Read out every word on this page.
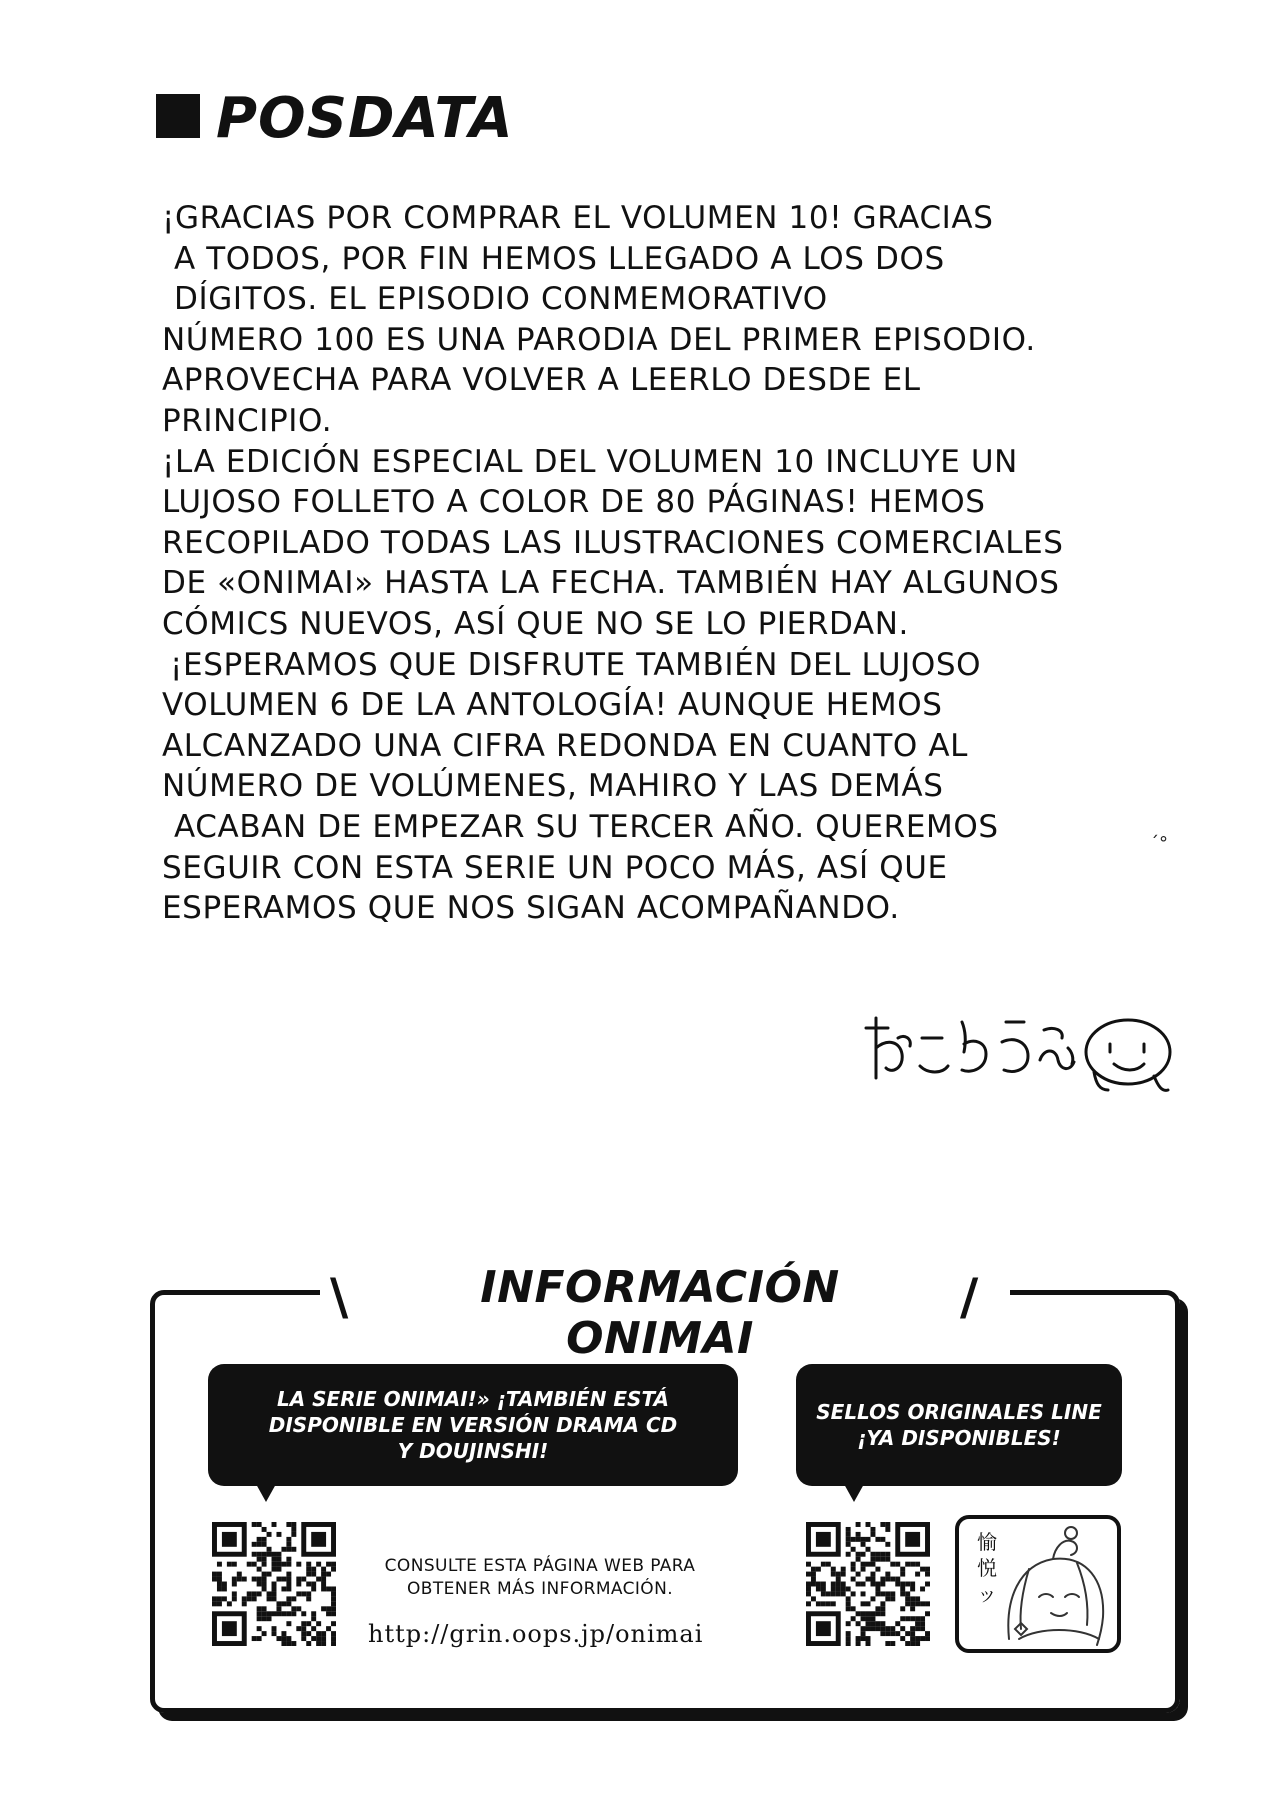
POSDATA
¡GRACIAS POR COMPRAR EL VOLUMEN 10! GRACIAS
A TODOS, POR FIN HEMOS LLEGADO A LOS DOS
DÍGITOS. EL EPISODIO CONMEMORATIVO
NÚMERO 100 ES UNA PARODIA DEL PRIMER EPISODIO.
APROVECHA PARA VOLVER A LEERLO DESDE EL
PRINCIPIO.
¡LA EDICIÓN ESPECIAL DEL VOLUMEN 10 INCLUYE UN
LUJOSO FOLLETO A COLOR DE 80 PÁGINAS! HEMOS
RECOPILADO TODAS LAS ILUSTRACIONES COMERCIALES
DE «ONIMAI» HASTA LA FECHA. TAMBIÉN HAY ALGUNOS
CÓMICS NUEVOS, ASÍ QUE NO SE LO PIERDAN.
¡ESPERAMOS QUE DISFRUTE TAMBIÉN DEL LUJOSO
VOLUMEN 6 DE LA ANTOLOGÍA! AUNQUE HEMOS
ALCANZADO UNA CIFRA REDONDA EN CUANTO AL
NÚMERO DE VOLÚMENES, MAHIRO Y LAS DEMÁS
ACABAN DE EMPEZAR SU TERCER AÑO. QUEREMOS
SEGUIR CON ESTA SERIE UN POCO MÁS, ASÍ QUE
ESPERAMOS QUE NOS SIGAN ACOMPAÑANDO.
´°
\	/
INFORMACIÓN ONIMAI
LA SERIE ONIMAI!» ¡TAMBIÉN ESTÁ
DISPONIBLE EN VERSIÓN DRAMA CD
Y DOUJINSHI!
SELLOS ORIGINALES LINE
¡YA DISPONIBLES!
CONSULTE ESTA PÁGINA WEB PARA
OBTENER MÁS INFORMACIÓN.
http://grin.oops.jp/onimai
愉悦ッ
